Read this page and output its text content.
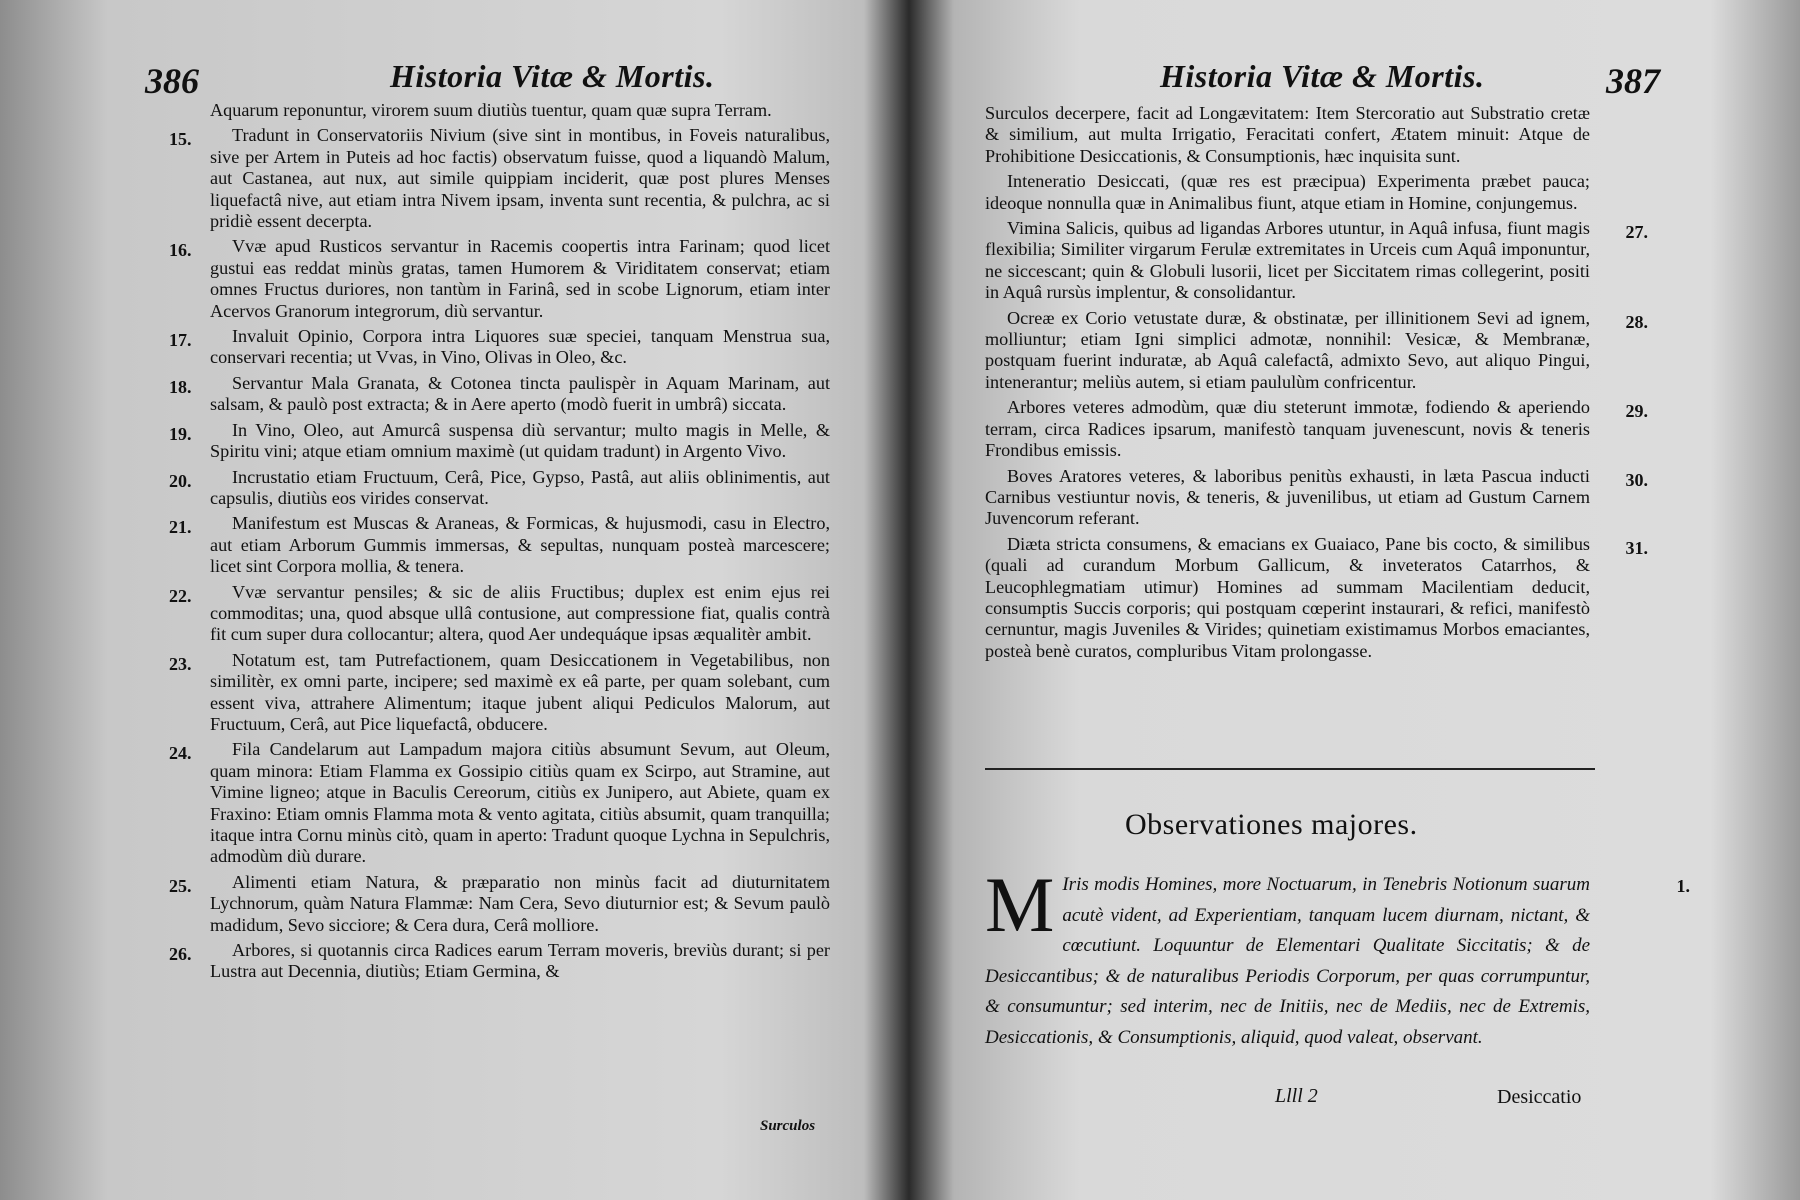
386	Historia Vitæ & Mortis.

Aquarum reponuntur, virorem suum diutiùs tuentur, quam quæ supra Terram.

15. Tradunt in Conservatoriis Nivium (sive sint in montibus, in Foveis naturalibus, sive per Artem in Puteis ad hoc factis) observatum fuisse, quod a liquandò Malum, aut Castanea, aut nux, aut simile quippiam inciderit, quæ post plures Menses liquefactâ nive, aut etiam intra Nivem ipsam, inventa sunt recentia, & pulchra, ac si pridiè essent decerpta.

16. Vvæ apud Rusticos servantur in Racemis coopertis intra Farinam; quod licet gustui eas reddat minùs gratas, tamen Humorem & Viriditatem conservat; etiam omnes Fructus duriores, non tantùm in Farinâ, sed in scobe Lignorum, etiam inter Acervos Granorum integrorum, diù servantur.

17. Invaluit Opinio, Corpora intra Liquores suæ speciei, tanquam Menstrua sua, conservari recentia; ut Vvas, in Vino, Olivas in Oleo, &c.

18. Servantur Mala Granata, & Cotonea tincta paulispèr in Aquam Marinam, aut salsam, & paulò post extracta; & in Aere aperto (modò fuerit in umbrâ) siccata.

19. In Vino, Oleo, aut Amurcâ suspensa diù servantur; multo magis in Melle, & Spiritu vini; atque etiam omnium maximè (ut quidam tradunt) in Argento Vivo.

20. Incrustatio etiam Fructuum, Cerâ, Pice, Gypso, Pastâ, aut aliis oblinimentis, aut capsulis, diutiùs eos virides conservat.

21. Manifestum est Muscas & Araneas, & Formicas, & hujusmodi, casu in Electro, aut etiam Arborum Gummis immersas, & sepultas, nunquam posteà marcescere; licet sint Corpora mollia, & tenera.

22. Vvæ servantur pensiles; & sic de aliis Fructibus; duplex est enim ejus rei commoditas; una, quod absque ullâ contusione, aut compressione fiat, qualis contrà fit cum super dura collocantur; altera, quod Aer undequáque ipsas æqualitèr ambit.

23. Notatum est, tam Putrefactionem, quam Desiccationem in Vegetabilibus, non similitèr, ex omni parte, incipere; sed maximè ex eâ parte, per quam solebant, cum essent viva, attrahere Alimentum; itaque jubent aliqui Pediculos Malorum, aut Fructuum, Cerâ, aut Pice liquefactâ, obducere.

24. Fila Candelarum aut Lampadum majora citiùs absumunt Sevum, aut Oleum, quam minora: Etiam Flamma ex Gossipio citiùs quam ex Scirpo, aut Stramine, aut Vimine ligneo; atque in Baculis Cereorum, citiùs ex Junipero, aut Abiete, quam ex Fraxino: Etiam omnis Flamma mota & vento agitata, citiùs absumit, quam tranquilla; itaque intra Cornu minùs citò, quam in aperto: Tradunt quoque Lychna in Sepulchris, admodùm diù durare.

25. Alimenti etiam Natura, & præparatio non minùs facit ad diuturnitatem Lychnorum, quàm Natura Flammæ: Nam Cera, Sevo diuturnior est; & Sevum paulò madidum, Sevo sicciore; & Cera dura, Cerâ molliore.

26. Arbores, si quotannis circa Radices earum Terram moveris, breviùs durant; si per Lustra aut Decennia, diutiùs; Etiam Germina, &

Surculos
Historia Vitæ & Mortis.	387

Surculos decerpere, facit ad Longævitatem: Item Stercoratio aut Substratio cretæ & similium, aut multa Irrigatio, Feracitati confert, Ætatem minuit: Atque de Prohibitione Desiccationis, & Consumptionis, hæc inquisita sunt.

Inteneratio Desiccati, (quæ res est præcipua) Experimenta præbet pauca; ideoque nonnulla quæ in Animalibus fiunt, atque etiam in Homine, conjungemus.

27.
Vimina Salicis, quibus ad ligandas Arbores utuntur, in Aquâ infusa, fiunt magis flexibilia; Similiter virgarum Ferulæ extremitates in Urceis cum Aquâ imponuntur, ne siccescant; quin & Globuli lusorii, licet per Siccitatem rimas collegerint, positi in Aquâ rursùs implentur, & consolidantur.

28.
Ocreæ ex Corio vetustate duræ, & obstinatæ, per illinitionem Sevi ad ignem, molliuntur; etiam Igni simplici admotæ, nonnihil: Vesicæ, & Membranæ, postquam fuerint induratæ, ab Aquâ calefactâ, admixto Sevo, aut aliquo Pingui, intenerantur; meliùs autem, si etiam paululùm confricentur.

29.
Arbores veteres admodùm, quæ diu steterunt immotæ, fodiendo & aperiendo terram, circa Radices ipsarum, manifestò tanquam juvenescunt, novis & teneris Frondibus emissis.

30.
Boves Aratores veteres, & laboribus penitùs exhausti, in læta Pascua inducti Carnibus vestiuntur novis, & teneris, & juvenilibus, ut etiam ad Gustum Carnem Juvencorum referant.

31.
Diæta stricta consumens, & emacians ex Guaiaco, Pane bis cocto, & similibus (quali ad curandum Morbum Gallicum, & inveteratos Catarrhos, & Leucophlegmatiam utimur) Homines ad summam Macilentiam deducit, consumptis Succis corporis; qui postquam cœperint instaurari, & refici, manifestò cernuntur, magis Juveniles & Virides; quinetiam existimamus Morbos emaciantes, posteà benè curatos, compluribus Vitam prolongasse.

Observationes majores.
M Iris modis Homines, more Noctuarum, in Tenebris Notionum suarum acutè vident, ad Experientiam, tanquam lucem diurnam, nictant, & cœcutiunt. Loquuntur de Elementari Qualitate Siccitatis; & de Desiccantibus; & de naturalibus Periodis Corporum, per quas corrumpuntur, & consumuntur; sed interim, nec de Initiis, nec de Mediis, nec de Extremis, Desiccationis, & Consumptionis, aliquid, quod valeat, observant.
1.
Llll 2	Desiccatio
